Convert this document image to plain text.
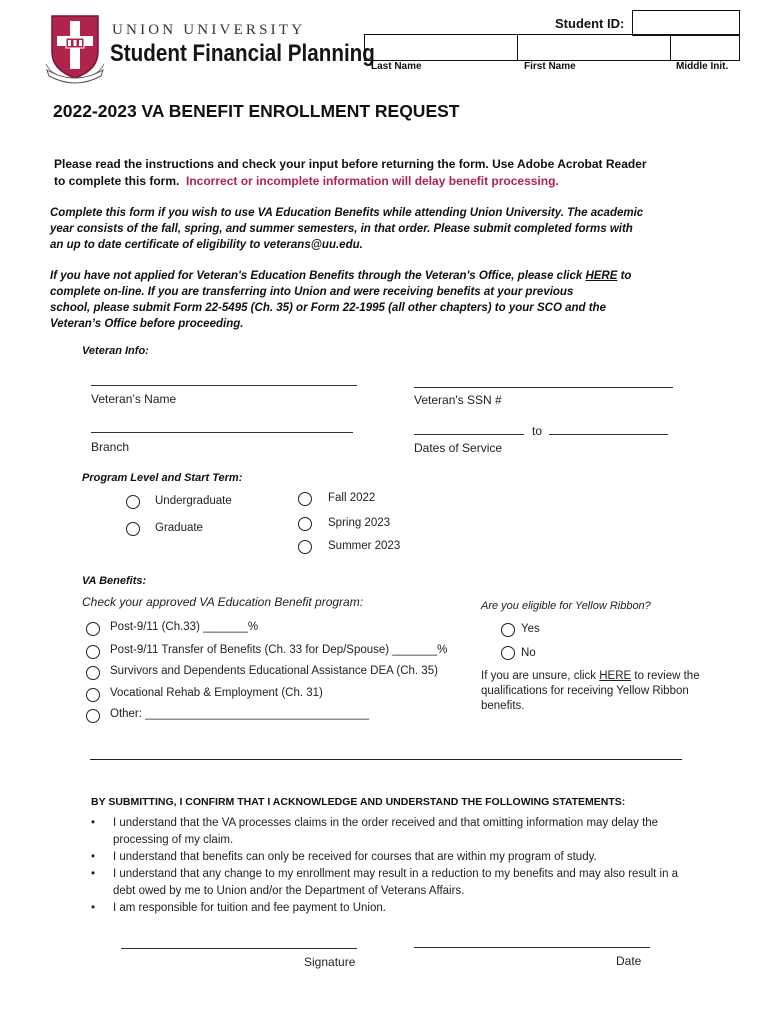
UNION UNIVERSITY
Student Financial Planning
Student ID:
Last Name	First Name	Middle Init.
2022-2023 VA BENEFIT ENROLLMENT REQUEST
Please read the instructions and check your input before returning the form. Use Adobe Acrobat Reader
to complete this form.  Incorrect or incomplete information will delay benefit processing.
Complete this form if you wish to use VA Education Benefits while attending Union University. The academic
year consists of the fall, spring, and summer semesters, in that order. Please submit completed forms with
an up to date certificate of eligibility to veterans@uu.edu.
If you have not applied for Veteran's Education Benefits through the Veteran's Office, please click HERE to
complete on-line. If you are transferring into Union and were receiving benefits at your previous
school, please submit Form 22-5495 (Ch. 35) or Form 22-1995 (all other chapters) to your SCO and the
Veteran’s Office before proceeding.
Veteran Info:
Veteran’s Name	Veteran's SSN #
Branch
to
Dates of Service
Program Level and Start Term:
Undergraduate
Graduate
Fall 2022
Spring 2023
Summer 2023
VA Benefits:
Check your approved VA Education Benefit program:
Post-9/11 (Ch.33) _______%
Post-9/11 Transfer of Benefits (Ch. 33 for Dep/Spouse) _______%
Survivors and Dependents Educational Assistance DEA (Ch. 35)
Vocational Rehab & Employment (Ch. 31)
Other: ___________________________________
Are you eligible for Yellow Ribbon?
Yes
No
If you are unsure, click HERE to review the
qualifications for receiving Yellow Ribbon
benefits.
BY SUBMITTING, I CONFIRM THAT I ACKNOWLEDGE AND UNDERSTAND THE FOLLOWING STATEMENTS:
• I understand that the VA processes claims in the order received and that omitting information may delay the processing of my claim.
• I understand that benefits can only be received for courses that are within my program of study.
• I understand that any change to my enrollment may result in a reduction to my benefits and may also result in a debt owed by me to Union and/or the Department of Veterans Affairs.
• I am responsible for tuition and fee payment to Union.
Signature	Date
